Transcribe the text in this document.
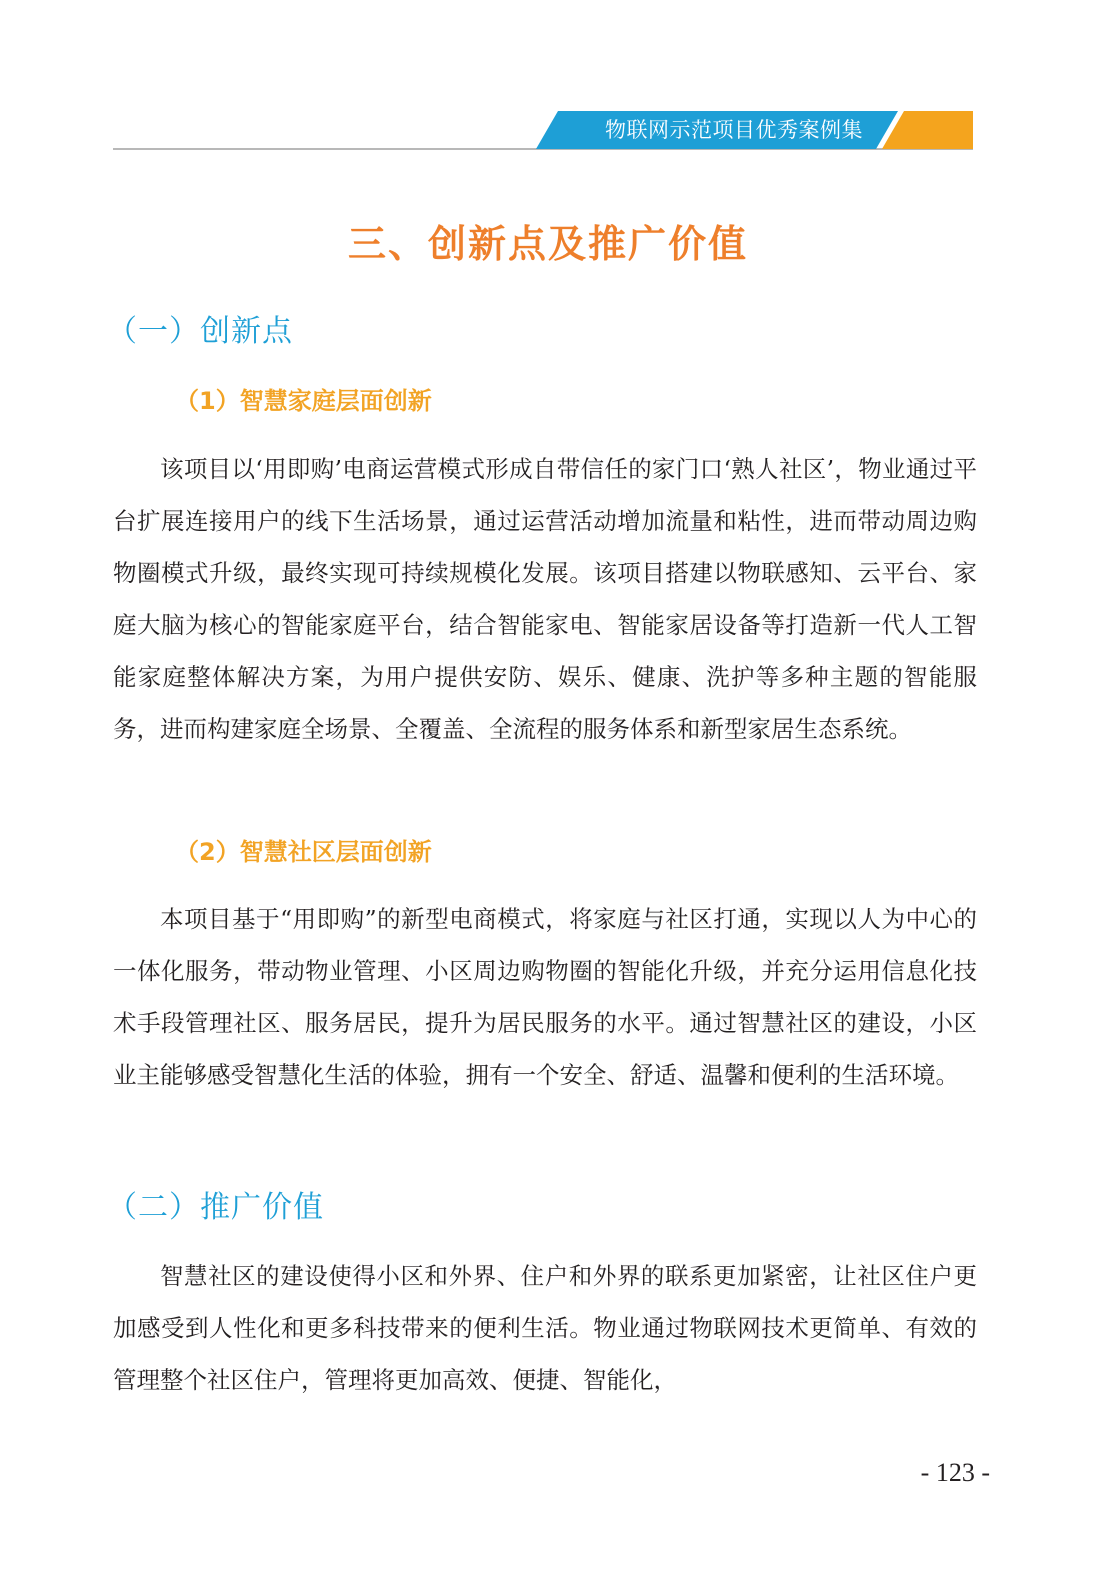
物联网示范项目优秀案例集
三、创新点及推广价值
（一）创新点
（1）智慧家庭层面创新

该项目以‘用即购’电商运营模式形成自带信任的家门口‘熟人社区’，物业通过平台扩展连接用户的线下生活场景，通过运营活动增加流量和粘性，进而带动周边购物圈模式升级，最终实现可持续规模化发展。该项目搭建以物联感知、云平台、家庭大脑为核心的智能家庭平台，结合智能家电、智能家居设备等打造新一代人工智能家庭整体解决方案，为用户提供安防、娱乐、健康、洗护等多种主题的智能服务，进而构建家庭全场景、全覆盖、全流程的服务体系和新型家居生态系统。

（2）智慧社区层面创新

本项目基于“用即购”的新型电商模式，将家庭与社区打通，实现以人为中心的一体化服务，带动物业管理、小区周边购物圈的智能化升级，并充分运用信息化技术手段管理社区、服务居民，提升为居民服务的水平。通过智慧社区的建设，小区业主能够感受智慧化生活的体验，拥有一个安全、舒适、温馨和便利的生活环境。

（二）推广价值

智慧社区的建设使得小区和外界、住户和外界的联系更加紧密，让社区住户更加感受到人性化和更多科技带来的便利生活。物业通过物联网技术更简单、有效的管理整个社区住户，管理将更加高效、便捷、智能化，

- 123 -
